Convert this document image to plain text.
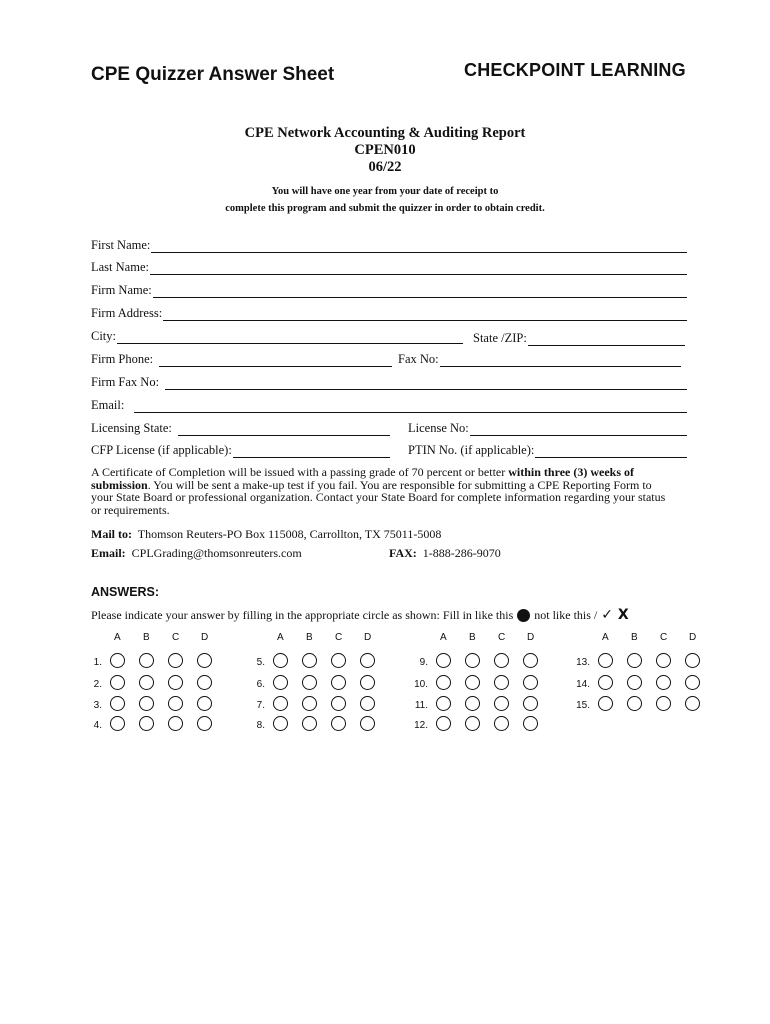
CPE Quizzer Answer Sheet	CHECKPOINT LEARNING
CPE Network Accounting & Auditing Report
CPEN010
06/22
You will have one year from your date of receipt to
complete this program and submit the quizzer in order to obtain credit.
First Name:
Last Name:
Firm Name:
Firm Address:
City:	State /ZIP:
Firm Phone:	Fax No:
Firm Fax No:
Email:
Licensing State:	License No:
CFP License (if applicable):	PTIN No. (if applicable):
A Certificate of Completion will be issued with a passing grade of 70 percent or better within three (3) weeks of submission. You will be sent a make-up test if you fail. You are responsible for submitting a CPE Reporting Form to your State Board or professional organization. Contact your State Board for complete information regarding your status or requirements.
Mail to: Thomson Reuters-PO Box 115008, Carrollton, TX 75011-5008
Email: CPLGrading@thomsonreuters.com	FAX: 1-888-286-9070
ANSWERS:
Please indicate your answer by filling in the appropriate circle as shown: Fill in like this not like this / ✓ X
A B C D
1.
2.
3.
4.
A B C D
5.
6.
7.
8.
A B C D
9.
10.
11.
12.
A B C D
13.
14.
15.
